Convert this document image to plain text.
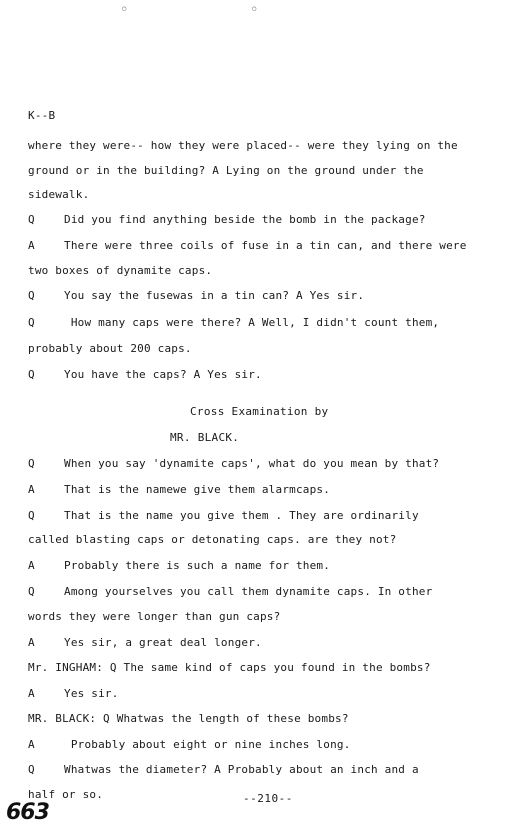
◦	◦
K--B
where they were-- how they were placed-- were they lying on the
ground or in the building? A Lying on the ground under the
sidewalk.
Q	Did you find anything beside the bomb in the package?
A	There were three coils of fuse in a tin can, and there were
two boxes of dynamite caps.
Q	You say the fusewas in a tin can? A Yes sir.
Q	How many caps were there? A Well, I didn't count them,
probably about 200 caps.
Q	You have the caps? A Yes sir.
Cross Examination by
MR. BLACK.
Q	When you say 'dynamite caps', what do you mean by that?
A	That is the namewe give them alarmcaps.
Q	That is the name you give them . They are ordinarily
called blasting caps or detonating caps. are they not?
A	Probably there is such a name for them.
Q	Among yourselves you call them dynamite caps. In other
words they were longer than gun caps?
A	Yes sir, a great deal longer.
Mr. INGHAM: Q The same kind of caps you found in the bombs?
A	Yes sir.
MR. BLACK: Q Whatwas the length of these bombs?
A	Probably about eight or nine inches long.
Q	Whatwas the diameter? A Probably about an inch and a
half or so.	--210--
663
